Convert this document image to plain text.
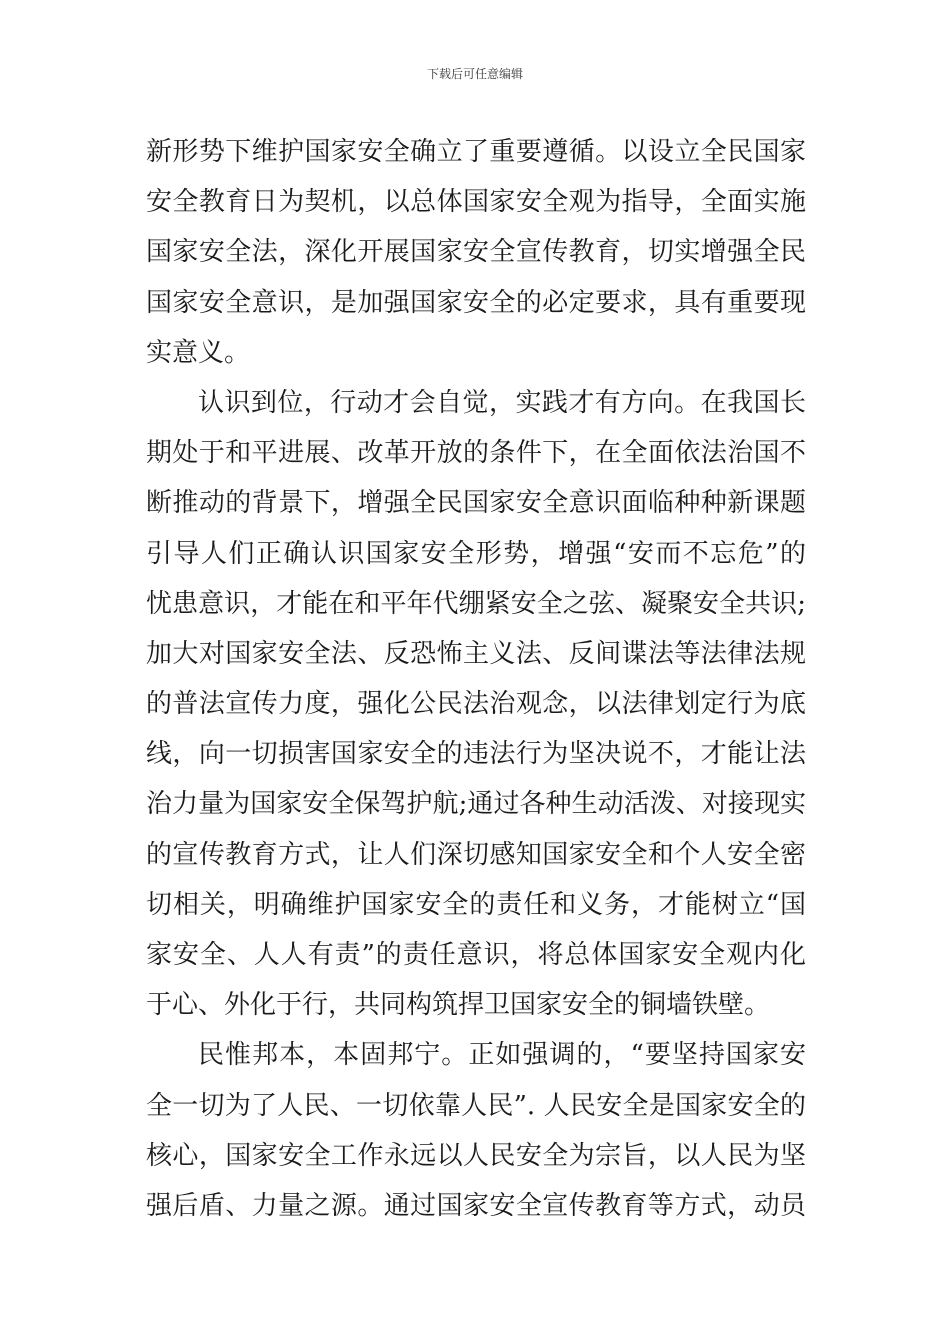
下载后可任意编辑
新形势下维护国家安全确立了重要遵循。以设立全民国家
安全教育日为契机，以总体国家安全观为指导，全面实施
国家安全法，深化开展国家安全宣传教育，切实增强全民
国家安全意识，是加强国家安全的必定要求，具有重要现
实意义。
认识到位，行动才会自觉，实践才有方向。在我国长
期处于和平进展、改革开放的条件下，在全面依法治国不
断推动的背景下，增强全民国家安全意识面临种种新课题
引导人们正确认识国家安全形势，增强“安而不忘危”的
忧患意识，才能在和平年代绷紧安全之弦、凝聚安全共识;
加大对国家安全法、反恐怖主义法、反间谍法等法律法规
的普法宣传力度，强化公民法治观念，以法律划定行为底
线，向一切损害国家安全的违法行为坚决说不，才能让法
治力量为国家安全保驾护航;通过各种生动活泼、对接现实
的宣传教育方式，让人们深切感知国家安全和个人安全密
切相关，明确维护国家安全的责任和义务，才能树立“国
家安全、人人有责”的责任意识，将总体国家安全观内化
于心、外化于行，共同构筑捍卫国家安全的铜墙铁壁。
民惟邦本，本固邦宁。正如强调的，“要坚持国家安
全一切为了人民、一切依靠人民”. 人民安全是国家安全的
核心，国家安全工作永远以人民安全为宗旨，以人民为坚
强后盾、力量之源。通过国家安全宣传教育等方式，动员
